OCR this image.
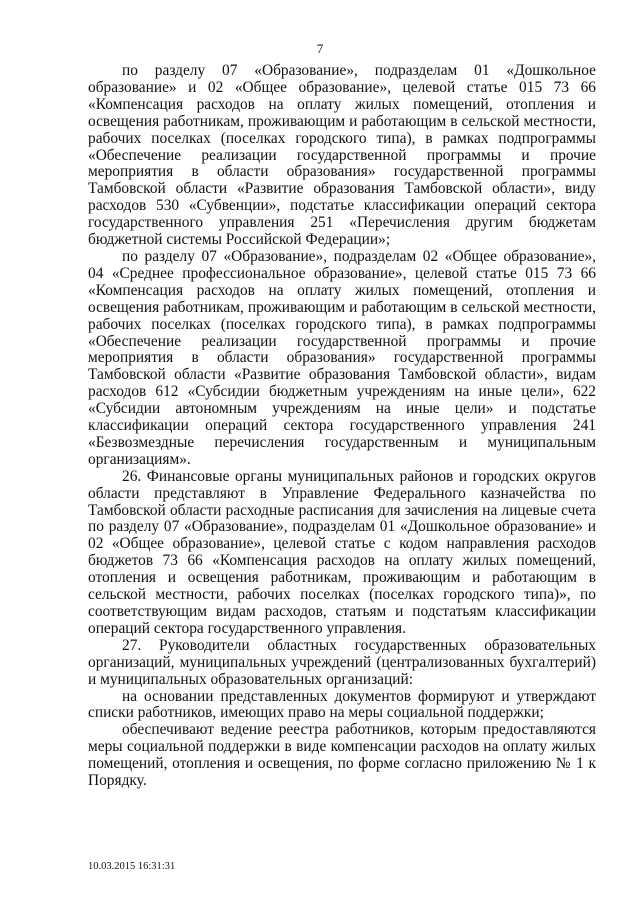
7

по разделу 07 «Образование», подразделам 01 «Дошкольное образование» и 02 «Общее образование», целевой статье 015 73 66 «Компенсация расходов на оплату жилых помещений, отопления и освещения работникам, проживающим и работающим в сельской местности, рабочих поселках (поселках городского типа), в рамках подпрограммы «Обеспечение реализации государственной программы и прочие мероприятия в области образования» государственной программы Тамбовской области «Развитие образования Тамбовской области», виду расходов 530 «Субвенции», подстатье классификации операций сектора государственного управления 251 «Перечисления другим бюджетам бюджетной системы Российской Федерации»;

по разделу 07 «Образование», подразделам 02 «Общее образование», 04 «Среднее профессиональное образование», целевой статье 015 73 66 «Компенсация расходов на оплату жилых помещений, отопления и освещения работникам, проживающим и работающим в сельской местности, рабочих поселках (поселках городского типа), в рамках подпрограммы «Обеспечение реализации государственной программы и прочие мероприятия в области образования» государственной программы Тамбовской области «Развитие образования Тамбовской области», видам расходов 612 «Субсидии бюджетным учреждениям на иные цели», 622 «Субсидии автономным учреждениям на иные цели» и подстатье классификации операций сектора государственного управления 241 «Безвозмездные перечисления государственным и муниципальным организациям».

26. Финансовые органы муниципальных районов и городских округов области представляют в Управление Федерального казначейства по Тамбовской области расходные расписания для зачисления на лицевые счета по разделу 07 «Образование», подразделам 01 «Дошкольное образование» и 02 «Общее образование», целевой статье с кодом направления расходов бюджетов 73 66 «Компенсация расходов на оплату жилых помещений, отопления и освещения работникам, проживающим и работающим в сельской местности, рабочих поселках (поселках городского типа)», по соответствующим видам расходов, статьям и подстатьям классификации операций сектора государственного управления.

27. Руководители областных государственных образовательных организаций, муниципальных учреждений (централизованных бухгалтерий) и муниципальных образовательных организаций:

на основании представленных документов формируют и утверждают списки работников, имеющих право на меры социальной поддержки;

обеспечивают ведение реестра работников, которым предоставляются меры социальной поддержки в виде компенсации расходов на оплату жилых помещений, отопления и освещения, по форме согласно приложению № 1 к Порядку.

10.03.2015 16:31:31
